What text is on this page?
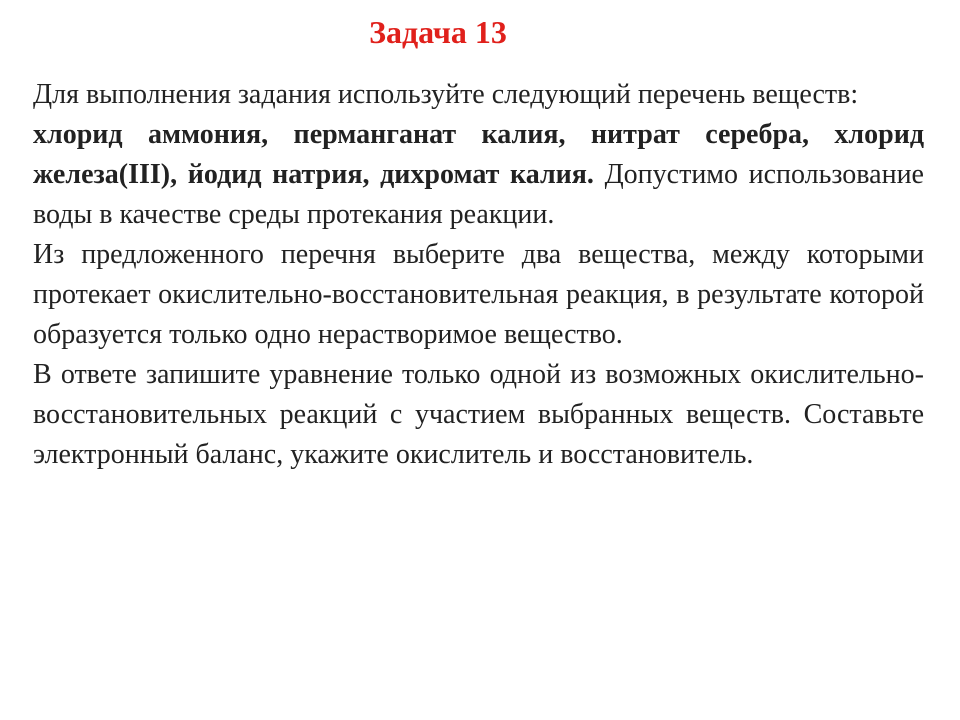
Задача 13

Для выполнения задания используйте следующий перечень веществ:

хлорид аммония, перманганат калия, нитрат серебра, хлорид железа(III), йодид натрия, дихромат калия. Допустимо использование воды в качестве среды протекания реакции.

Из предложенного перечня выберите два вещества, между которыми протекает окислительно-восстановительная реакция, в результате которой образуется только одно нерастворимое вещество.

В ответе запишите уравнение только одной из возможных окислительно-восстановительных реакций с участием выбранных веществ. Составьте электронный баланс, укажите окислитель и восстановитель.
